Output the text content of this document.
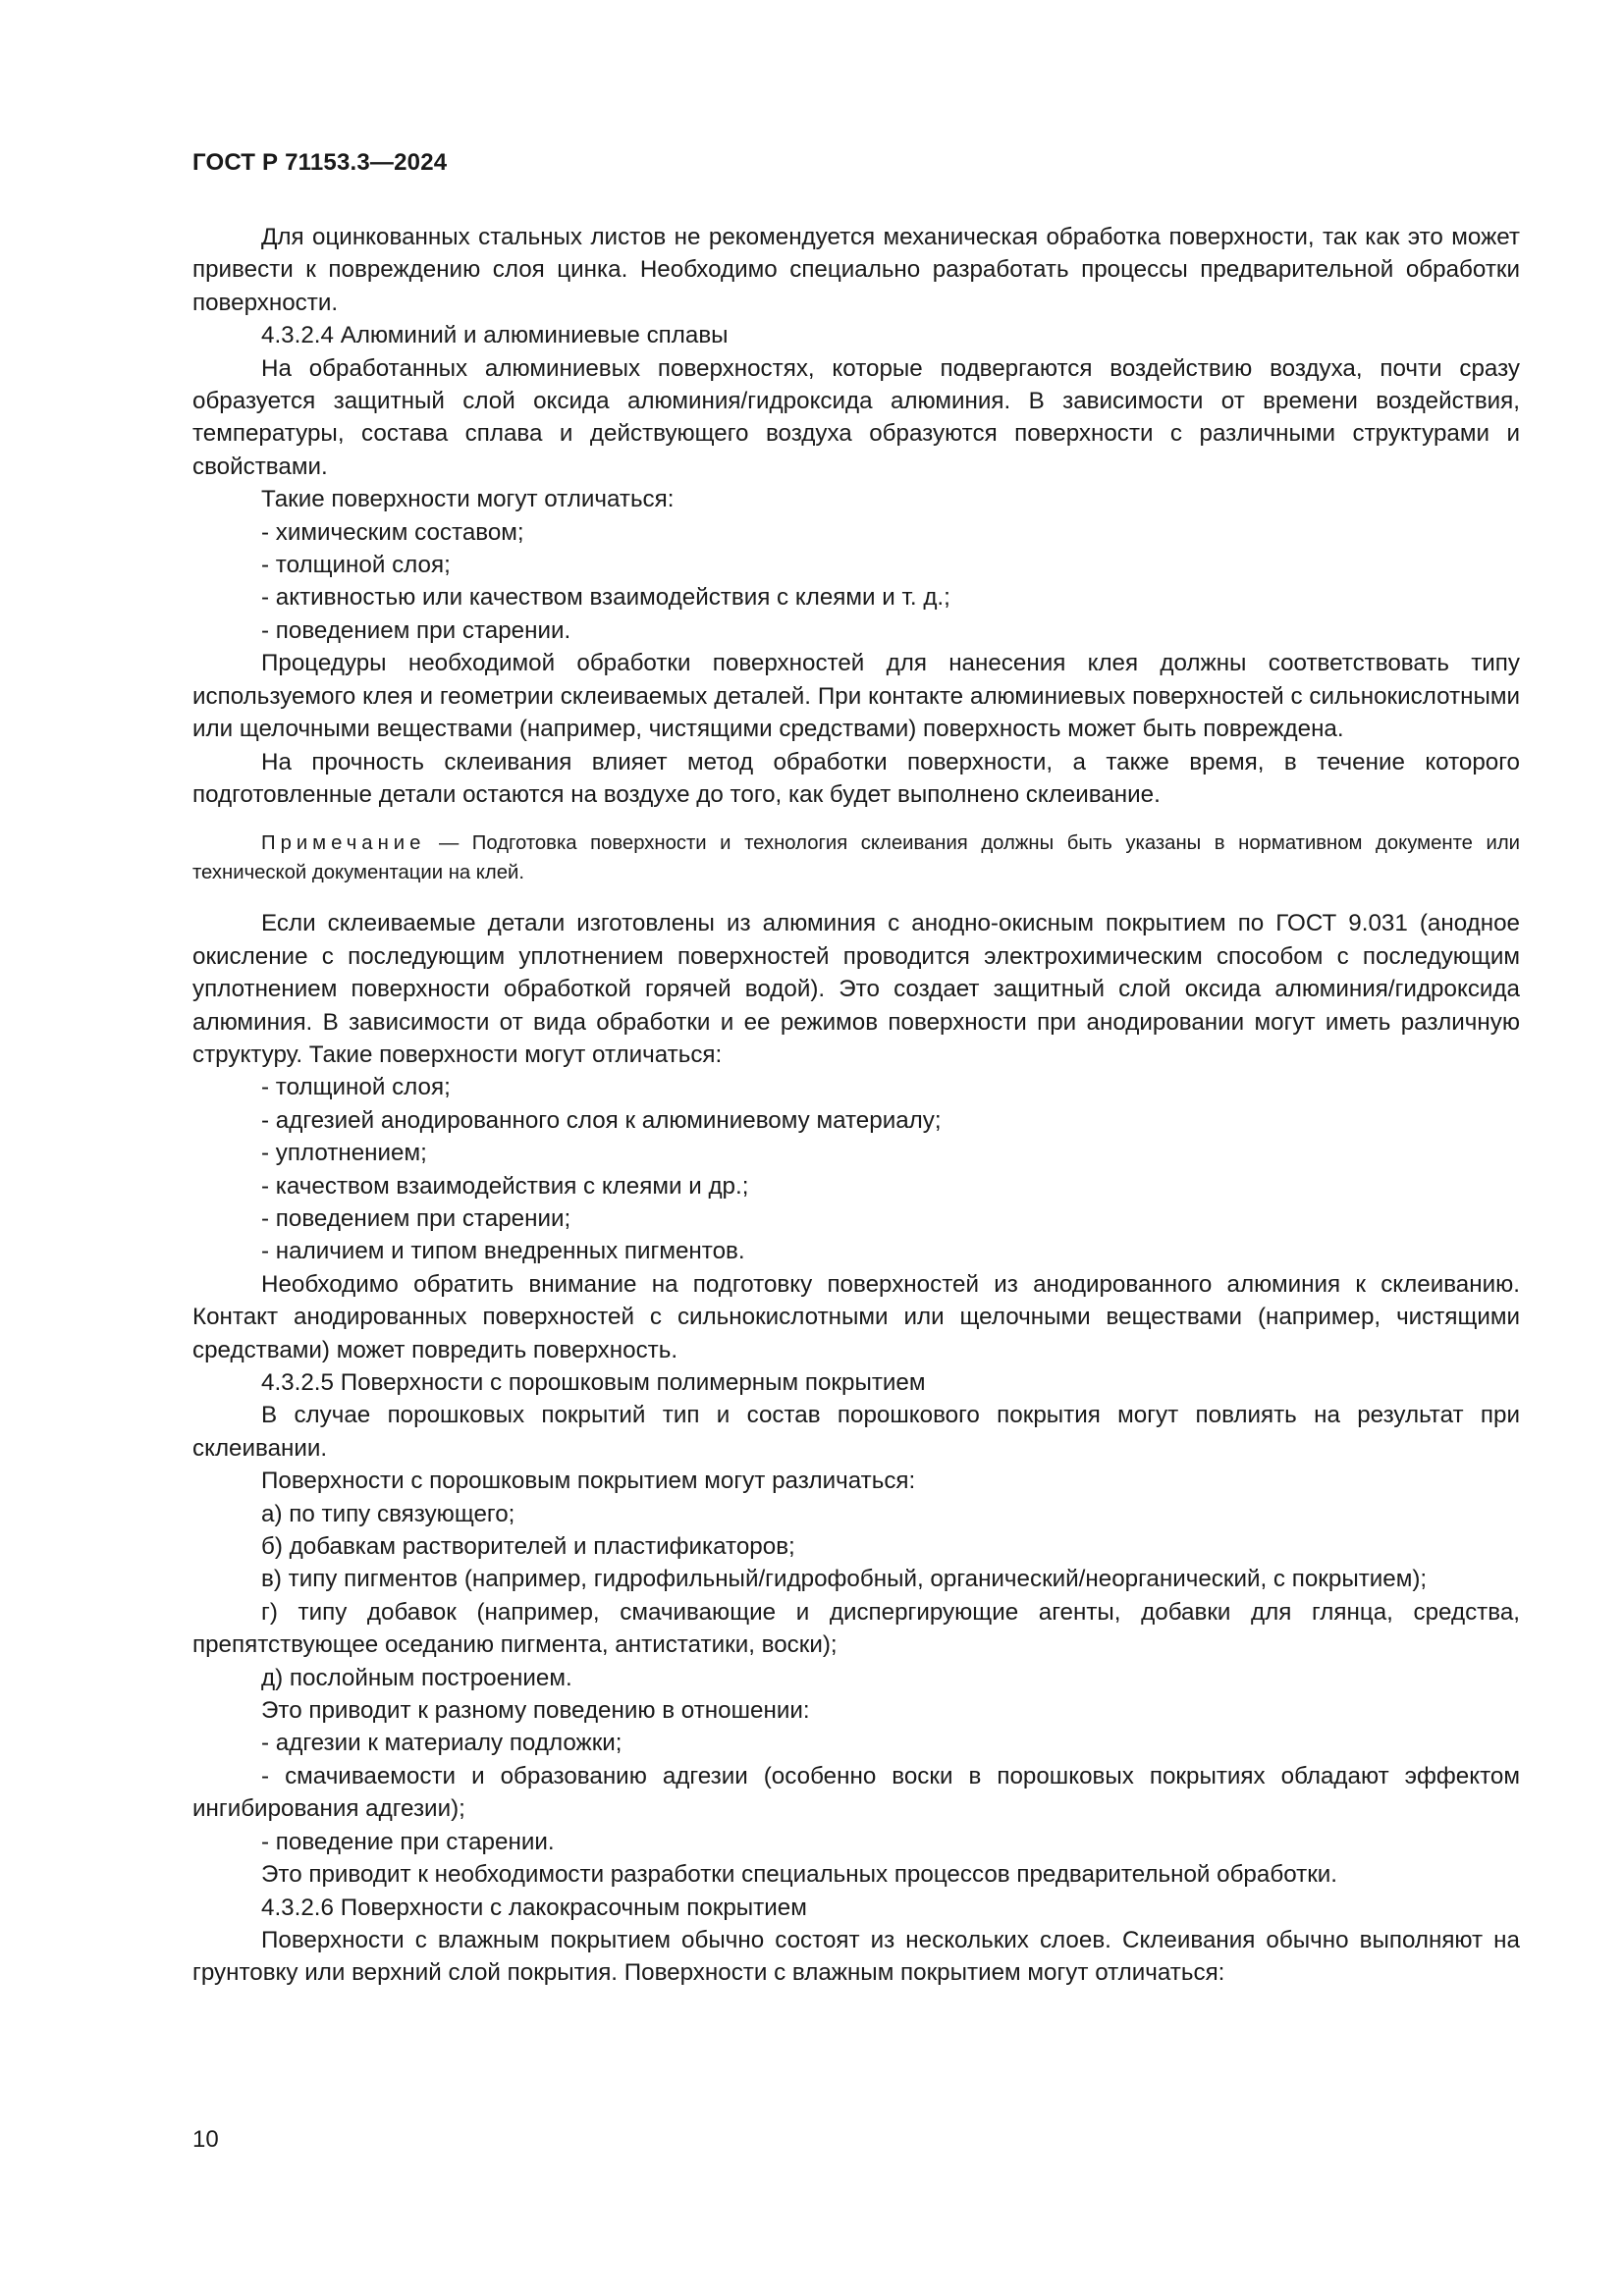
ГОСТ Р 71153.3—2024

Для оцинкованных стальных листов не рекомендуется механическая обработка поверхности, так как это может привести к повреждению слоя цинка. Необходимо специально разработать процессы предварительной обработки поверхности.

4.3.2.4 Алюминий и алюминиевые сплавы

На обработанных алюминиевых поверхностях, которые подвергаются воздействию воздуха, почти сразу образуется защитный слой оксида алюминия/гидроксида алюминия. В зависимости от времени воздействия, температуры, состава сплава и действующего воздуха образуются поверхности с различными структурами и свойствами.

Такие поверхности могут отличаться:

- химическим составом;

- толщиной слоя;

- активностью или качеством взаимодействия с клеями и т. д.;

- поведением при старении.

Процедуры необходимой обработки поверхностей для нанесения клея должны соответствовать типу используемого клея и геометрии склеиваемых деталей. При контакте алюминиевых поверхностей с сильнокислотными или щелочными веществами (например, чистящими средствами) поверхность может быть повреждена.

На прочность склеивания влияет метод обработки поверхности, а также время, в течение которого подготовленные детали остаются на воздухе до того, как будет выполнено склеивание.

Примечание — Подготовка поверхности и технология склеивания должны быть указаны в нормативном документе или технической документации на клей.

Если склеиваемые детали изготовлены из алюминия с анодно-окисным покрытием по ГОСТ 9.031 (анодное окисление с последующим уплотнением поверхностей проводится электрохимическим способом с последующим уплотнением поверхности обработкой горячей водой). Это создает защитный слой оксида алюминия/гидроксида алюминия. В зависимости от вида обработки и ее режимов поверхности при анодировании могут иметь различную структуру. Такие поверхности могут отличаться:

- толщиной слоя;

- адгезией анодированного слоя к алюминиевому материалу;

- уплотнением;

- качеством взаимодействия с клеями и др.;

- поведением при старении;

- наличием и типом внедренных пигментов.

Необходимо обратить внимание на подготовку поверхностей из анодированного алюминия к склеиванию. Контакт анодированных поверхностей с сильнокислотными или щелочными веществами (например, чистящими средствами) может повредить поверхность.

4.3.2.5 Поверхности с порошковым полимерным покрытием

В случае порошковых покрытий тип и состав порошкового покрытия могут повлиять на результат при склеивании.

Поверхности с порошковым покрытием могут различаться:

а) по типу связующего;

б) добавкам растворителей и пластификаторов;

в) типу пигментов (например, гидрофильный/гидрофобный, органический/неорганический, с покрытием);

г) типу добавок (например, смачивающие и диспергирующие агенты, добавки для глянца, средства, препятствующее оседанию пигмента, антистатики, воски);

д) послойным построением.

Это приводит к разному поведению в отношении:

- адгезии к материалу подложки;

- смачиваемости и образованию адгезии (особенно воски в порошковых покрытиях обладают эффектом ингибирования адгезии);

- поведение при старении.

Это приводит к необходимости разработки специальных процессов предварительной обработки.

4.3.2.6 Поверхности с лакокрасочным покрытием

Поверхности с влажным покрытием обычно состоят из нескольких слоев. Склеивания обычно выполняют на грунтовку или верхний слой покрытия. Поверхности с влажным покрытием могут отличаться:

10
